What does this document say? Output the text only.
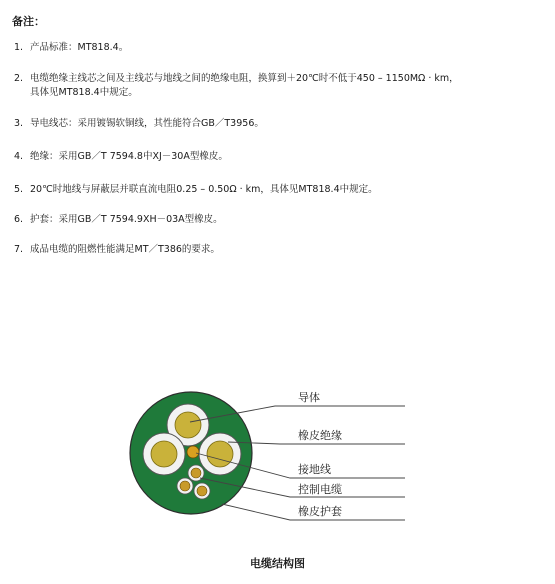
备注：
1. 产品标准：MT818.4。
2. 电缆绝缘主线芯之间及主线芯与地线之间的绝缘电阻，换算到＋20℃时不低于450 – 1150MΩ · km，
具体见MT818.4中规定。
3. 导电线芯：采用镀锡软铜线，其性能符合GB／T3956。
4. 绝缘：采用GB／T 7594.8中XJ－30A型橡皮。
5. 20℃时地线与屏蔽层并联直流电阻0.25 – 0.50Ω · km，具体见MT818.4中规定。
6. 护套：采用GB／T 7594.9XH－03A型橡皮。
7. 成品电缆的阻燃性能满足MT／T386的要求。
导体
橡皮绝缘
接地线
控制电缆
橡皮护套
电缆结构图
